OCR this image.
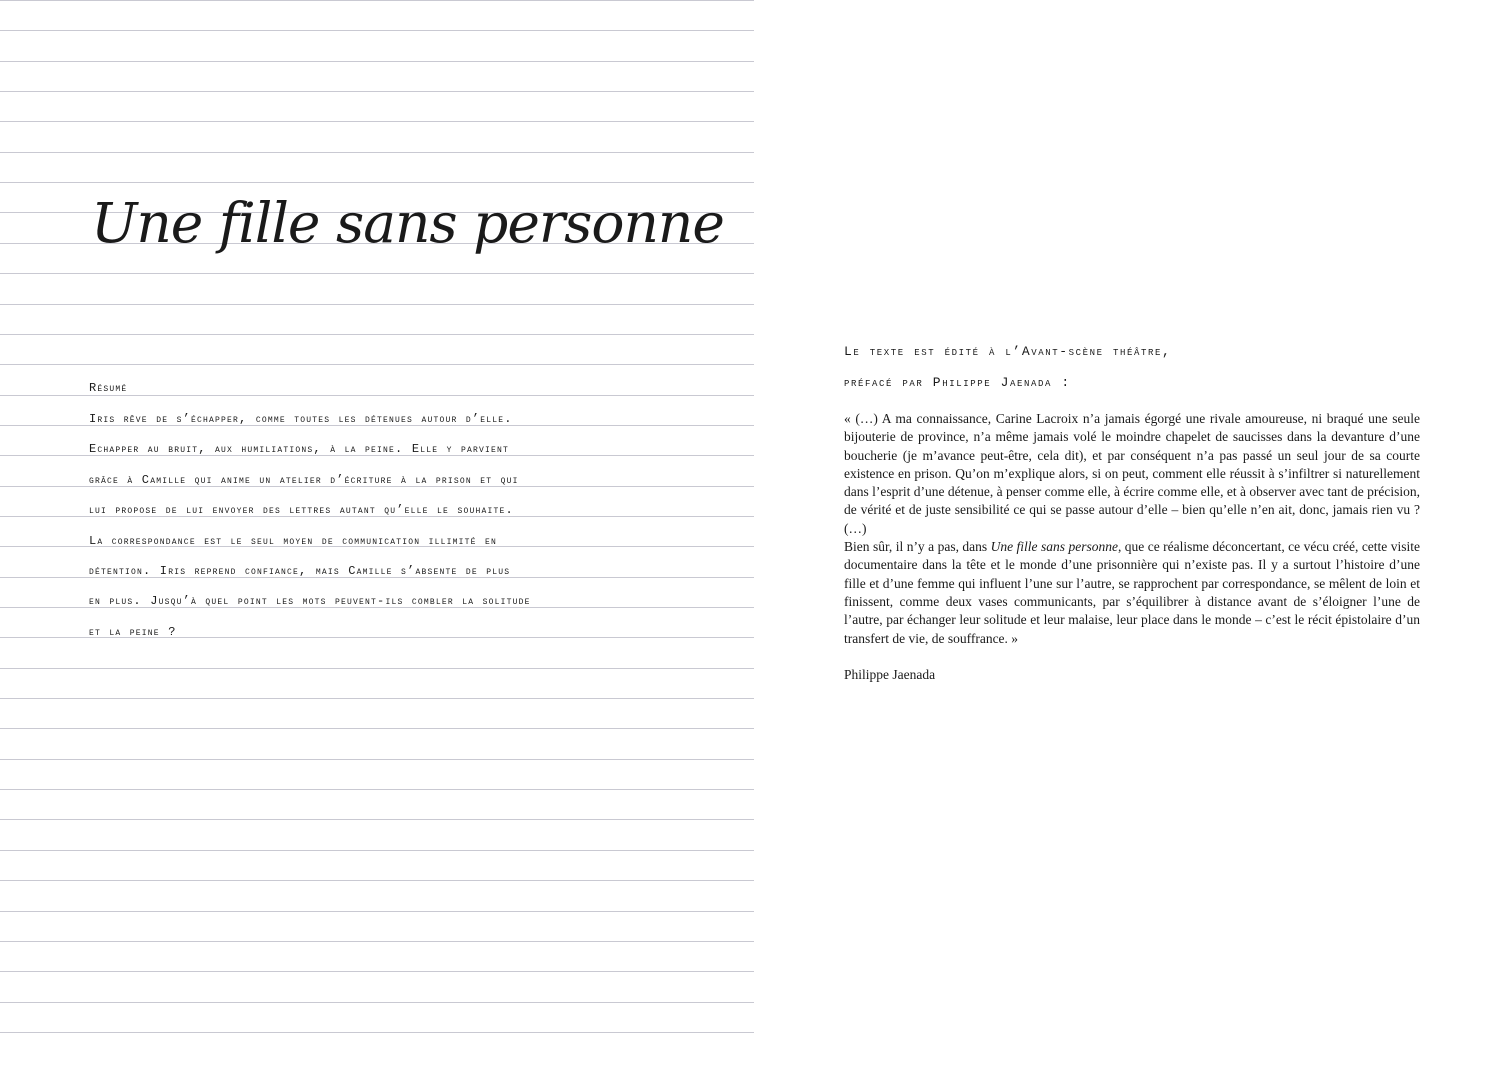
Une fille sans personne
Résumé
Iris rêve de s’échapper, comme toutes les détenues autour d’elle.
Echapper au bruit, aux humiliations, à la peine. Elle y parvient
grâce à Camille qui anime un atelier d’écriture à la prison et qui
lui propose de lui envoyer des lettres autant qu’elle le souhaite.
La correspondance est le seul moyen de communication illimité en
détention. Iris reprend confiance, mais Camille s’absente de plus
en plus. Jusqu’à quel point les mots peuvent-ils combler la solitude
et la peine ?
Le texte est édité à l’Avant-scène théâtre,
préfacé par Philippe Jaenada :

« (…) A ma connaissance, Carine Lacroix n’a jamais égorgé une rivale amoureuse, ni braqué une seule bijouterie de province, n’a même jamais volé le moindre chapelet de saucisses dans la devanture d’une boucherie (je m’avance peut-être, cela dit), et par conséquent n’a pas passé un seul jour de sa courte existence en prison. Qu’on m’explique alors, si on peut, comment elle réussit à s’infiltrer si naturellement dans l’esprit d’une détenue, à penser comme elle, à écrire comme elle, et à observer avec tant de précision, de vérité et de juste sensibilité ce qui se passe autour d’elle – bien qu’elle n’en ait, donc, jamais rien vu ? (…)

Bien sûr, il n’y a pas, dans Une fille sans personne, que ce réalisme déconcertant, ce vécu créé, cette visite documentaire dans la tête et le monde d’une prisonnière qui n’existe pas. Il y a surtout l’histoire d’une fille et d’une femme qui influent l’une sur l’autre, se rapprochent par correspondance, se mêlent de loin et finissent, comme deux vases communicants, par s’équilibrer à distance avant de s’éloigner l’une de l’autre, par échanger leur solitude et leur malaise, leur place dans le monde – c’est le récit épistolaire d’un transfert de vie, de souffrance. »

Philippe Jaenada
